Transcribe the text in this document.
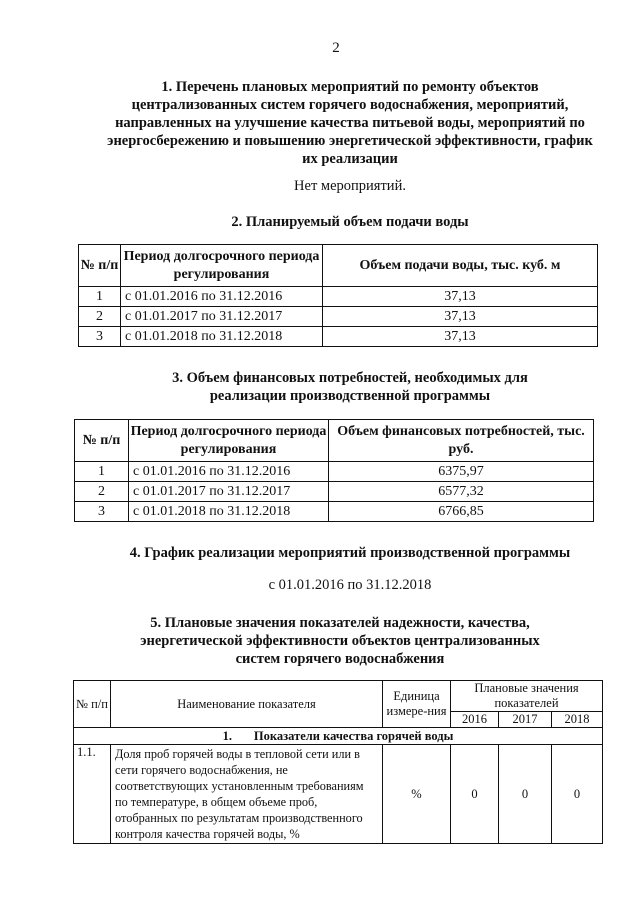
2
1. Перечень плановых мероприятий по ремонту объектов
централизованных систем горячего водоснабжения, мероприятий,
направленных на улучшение качества питьевой воды, мероприятий по
энергосбережению и повышению энергетической эффективности, график
их реализации
Нет мероприятий.
2. Планируемый объем подачи воды
№ п/п	Период долгосрочного периода регулирования	Объем подачи воды, тыс. куб. м
1	с 01.01.2016 по 31.12.2016	37,13
2	с 01.01.2017 по 31.12.2017	37,13
3	с 01.01.2018 по 31.12.2018	37,13
3. Объем финансовых потребностей, необходимых для
реализации производственной программы
№ п/п	Период долгосрочного периода регулирования	Объем финансовых потребностей, тыс. руб.
1	с 01.01.2016 по 31.12.2016	6375,97
2	с 01.01.2017 по 31.12.2017	6577,32
3	с 01.01.2018 по 31.12.2018	6766,85
4. График реализации мероприятий производственной программы
с 01.01.2016 по 31.12.2018
5. Плановые значения показателей надежности, качества,
энергетической эффективности объектов централизованных
систем горячего водоснабжения
№ п/п	Наименование показателя	Единица измере-ния	Плановые значения показателей		
			2016	2017	2018
1. Показатели качества горячей воды					
1.1.	Доля проб горячей воды в тепловой сети или в сети горячего водоснабжения, не соответствующих установленным требованиям по температуре, в общем объеме проб, отобранных по результатам производственного контроля качества горячей воды, %	%	0	0	0
